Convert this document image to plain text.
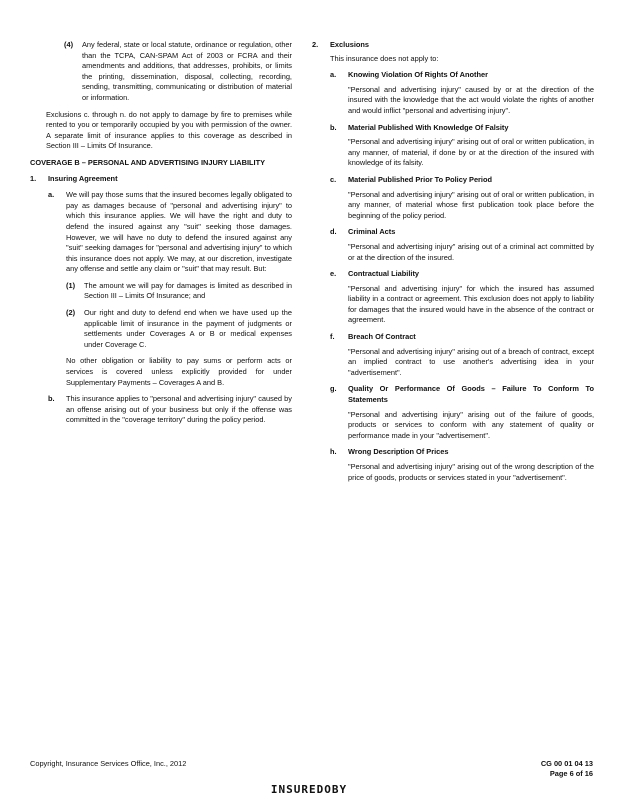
(4) Any federal, state or local statute, ordinance or regulation, other than the TCPA, CAN-SPAM Act of 2003 or FCRA and their amendments and additions, that addresses, prohibits, or limits the printing, dissemination, disposal, collecting, recording, sending, transmitting, communicating or distribution of material or information.

Exclusions c. through n. do not apply to damage by fire to premises while rented to you or temporarily occupied by you with permission of the owner. A separate limit of insurance applies to this coverage as described in Section III – Limits Of Insurance.

COVERAGE B – PERSONAL AND ADVERTISING INJURY LIABILITY

1. Insuring Agreement

a. We will pay those sums that the insured becomes legally obligated to pay as damages because of "personal and advertising injury" to which this insurance applies. We will have the right and duty to defend the insured against any "suit" seeking those damages. However, we will have no duty to defend the insured against any "suit" seeking damages for "personal and advertising injury" to which this insurance does not apply. We may, at our discretion, investigate any offense and settle any claim or "suit" that may result. But:

(1) The amount we will pay for damages is limited as described in Section III – Limits Of Insurance; and

(2) Our right and duty to defend end when we have used up the applicable limit of insurance in the payment of judgments or settlements under Coverages A or B or medical expenses under Coverage C.

No other obligation or liability to pay sums or perform acts or services is covered unless explicitly provided for under Supplementary Payments – Coverages A and B.

b. This insurance applies to "personal and advertising injury" caused by an offense arising out of your business but only if the offense was committed in the "coverage territory" during the policy period.

2. Exclusions

This insurance does not apply to:

a. Knowing Violation Of Rights Of Another

"Personal and advertising injury" caused by or at the direction of the insured with the knowledge that the act would violate the rights of another and would inflict "personal and advertising injury".

b. Material Published With Knowledge Of Falsity

"Personal and advertising injury" arising out of oral or written publication, in any manner, of material, if done by or at the direction of the insured with knowledge of its falsity.

c. Material Published Prior To Policy Period

"Personal and advertising injury" arising out of oral or written publication, in any manner, of material whose first publication took place before the beginning of the policy period.

d. Criminal Acts

"Personal and advertising injury" arising out of a criminal act committed by or at the direction of the insured.

e. Contractual Liability

"Personal and advertising injury" for which the insured has assumed liability in a contract or agreement. This exclusion does not apply to liability for damages that the insured would have in the absence of the contract or agreement.

f. Breach Of Contract

"Personal and advertising injury" arising out of a breach of contract, except an implied contract to use another's advertising idea in your "advertisement".

g. Quality Or Performance Of Goods – Failure To Conform To Statements

"Personal and advertising injury" arising out of the failure of goods, products or services to conform with any statement of quality or performance made in your "advertisement".

h. Wrong Description Of Prices

"Personal and advertising injury" arising out of the wrong description of the price of goods, products or services stated in your "advertisement".

Copyright, Insurance Services Office, Inc., 2012	CG 00 01 04 13
Page 6 of 16
INSUREDOBY
